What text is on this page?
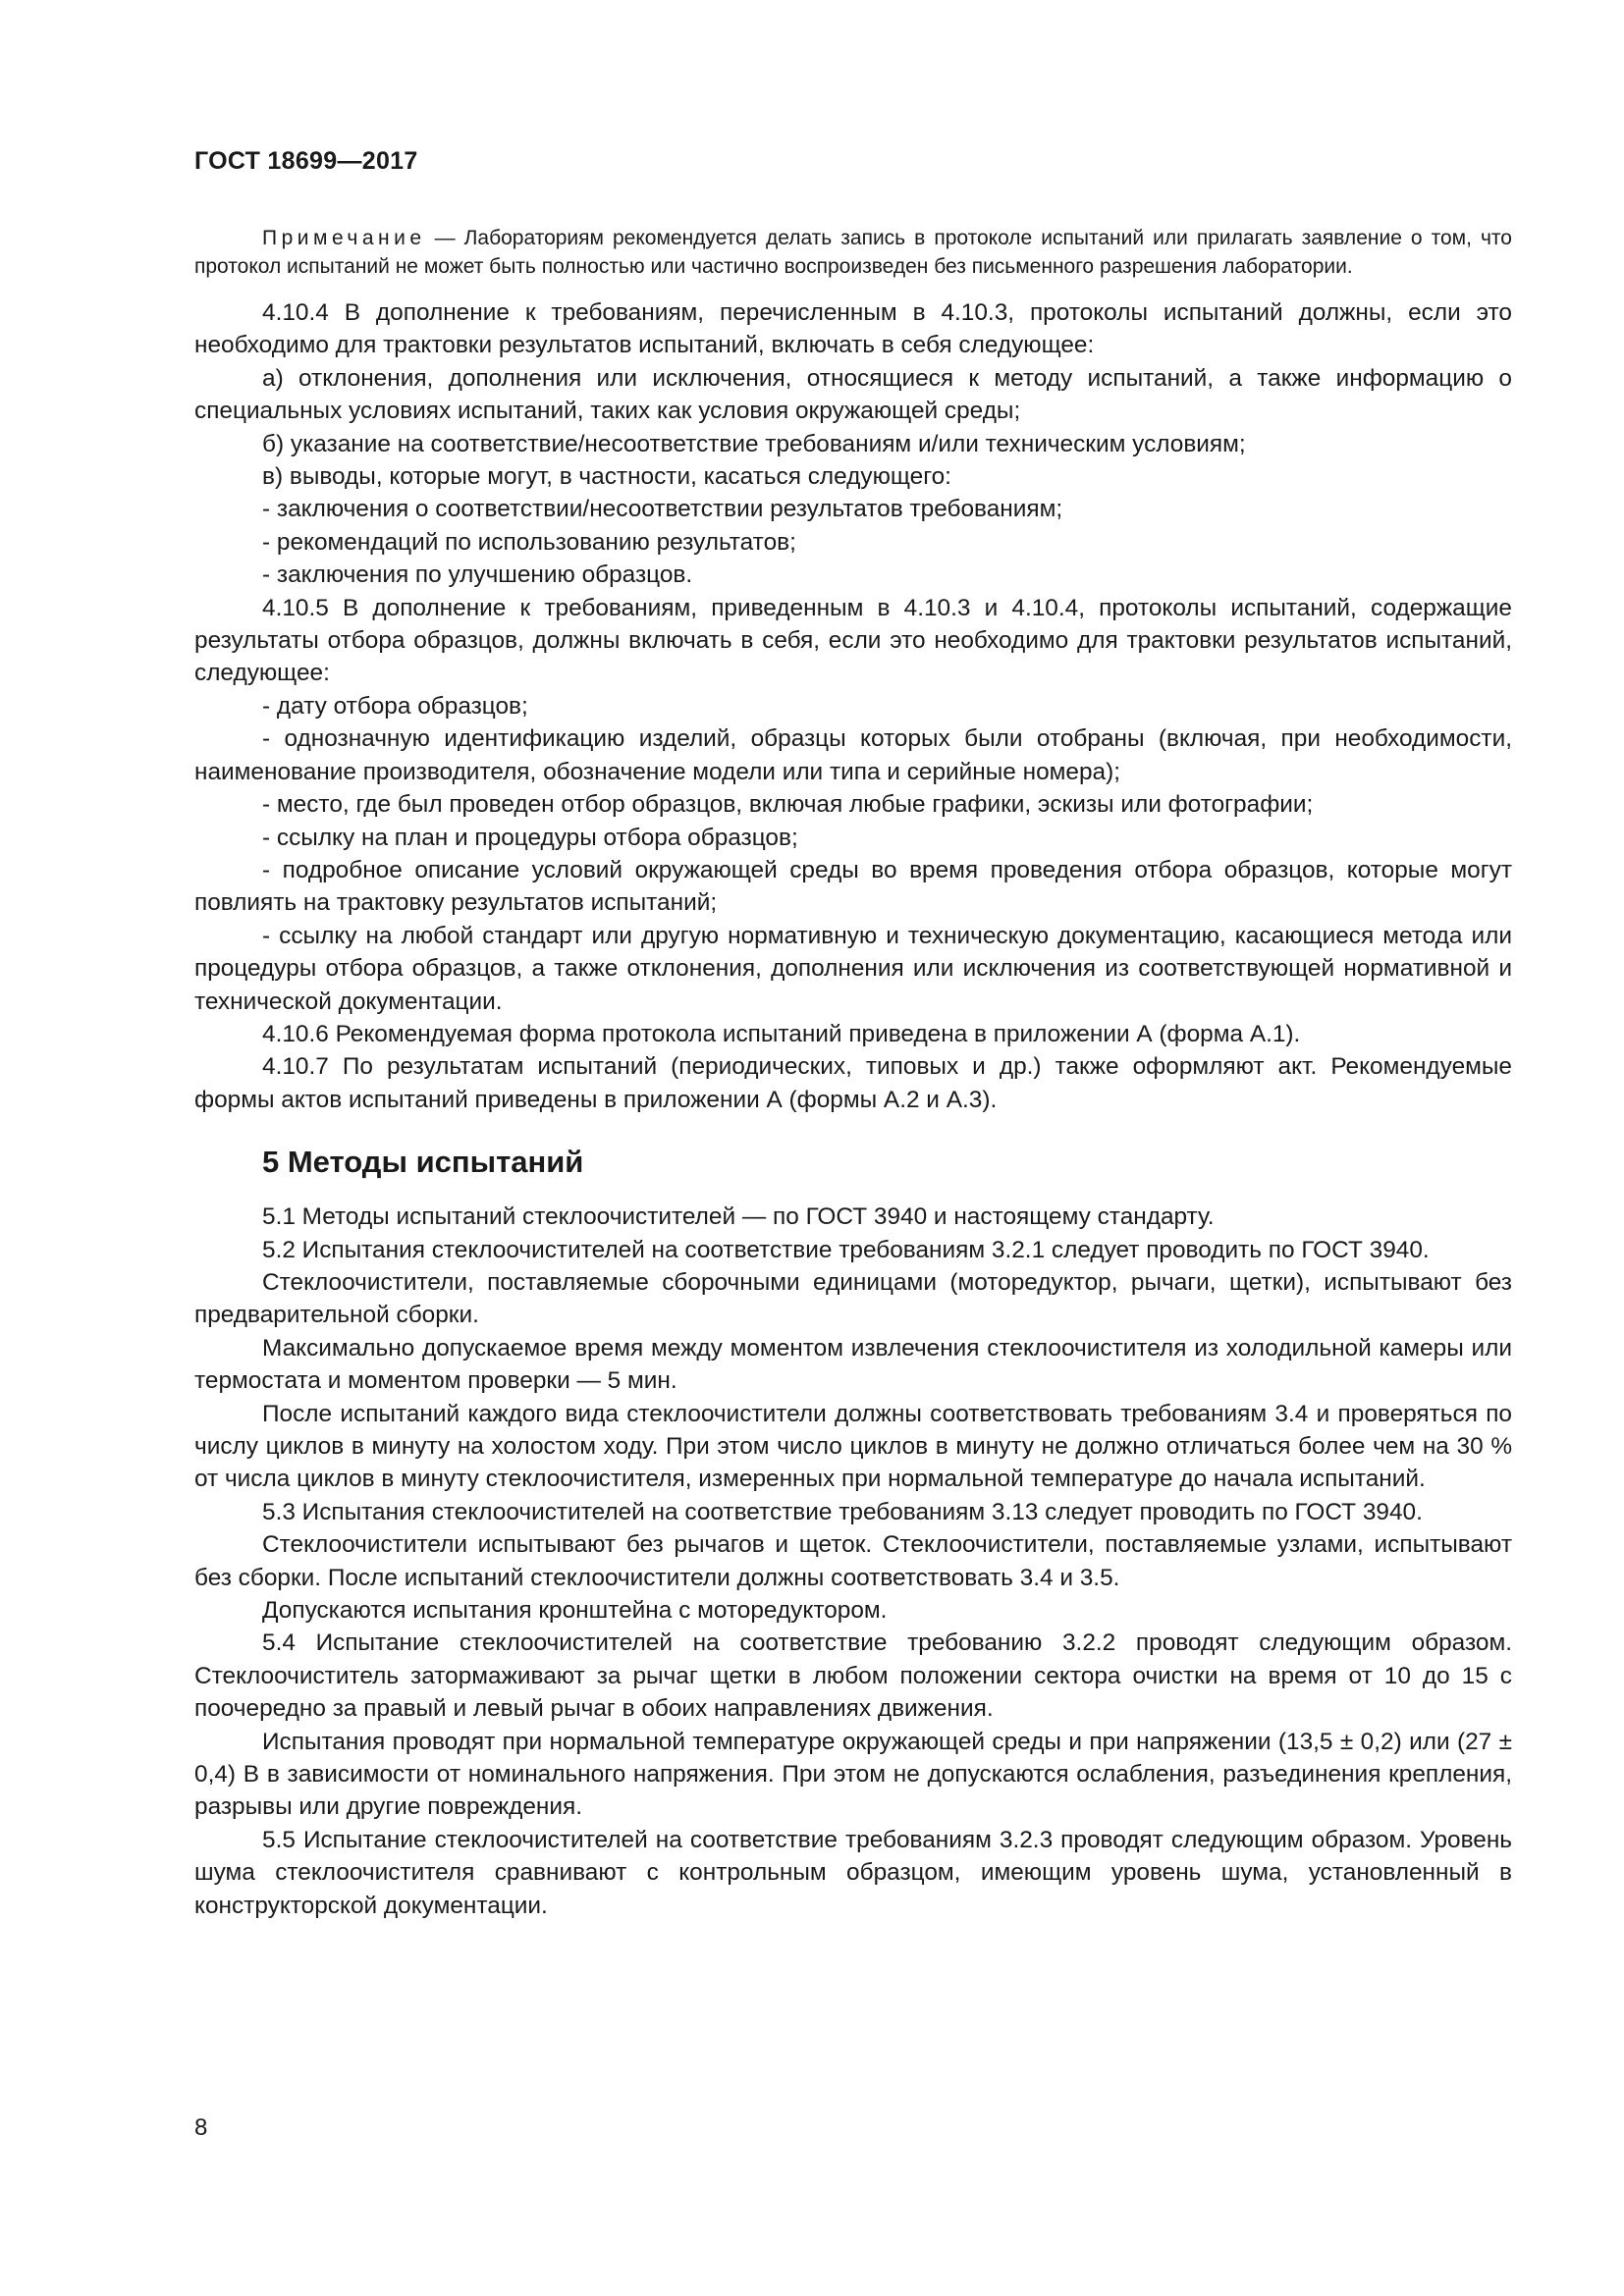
ГОСТ 18699—2017

Примечание — Лабораториям рекомендуется делать запись в протоколе испытаний или прилагать заявление о том, что протокол испытаний не может быть полностью или частично воспроизведен без письменного разрешения лаборатории.

4.10.4 В дополнение к требованиям, перечисленным в 4.10.3, протоколы испытаний должны, если это необходимо для трактовки результатов испытаний, включать в себя следующее:

а) отклонения, дополнения или исключения, относящиеся к методу испытаний, а также информацию о специальных условиях испытаний, таких как условия окружающей среды;

б) указание на соответствие/несоответствие требованиям и/или техническим условиям;

в) выводы, которые могут, в частности, касаться следующего:

- заключения о соответствии/несоответствии результатов требованиям;

- рекомендаций по использованию результатов;

- заключения по улучшению образцов.

4.10.5 В дополнение к требованиям, приведенным в 4.10.3 и 4.10.4, протоколы испытаний, содержащие результаты отбора образцов, должны включать в себя, если это необходимо для трактовки результатов испытаний, следующее:

- дату отбора образцов;

- однозначную идентификацию изделий, образцы которых были отобраны (включая, при необходимости, наименование производителя, обозначение модели или типа и серийные номера);

- место, где был проведен отбор образцов, включая любые графики, эскизы или фотографии;

- ссылку на план и процедуры отбора образцов;

- подробное описание условий окружающей среды во время проведения отбора образцов, которые могут повлиять на трактовку результатов испытаний;

- ссылку на любой стандарт или другую нормативную и техническую документацию, касающиеся метода или процедуры отбора образцов, а также отклонения, дополнения или исключения из соответствующей нормативной и технической документации.

4.10.6 Рекомендуемая форма протокола испытаний приведена в приложении А (форма А.1).

4.10.7 По результатам испытаний (периодических, типовых и др.) также оформляют акт. Рекомендуемые формы актов испытаний приведены в приложении А (формы А.2 и А.3).

5 Методы испытаний

5.1 Методы испытаний стеклоочистителей — по ГОСТ 3940 и настоящему стандарту.

5.2 Испытания стеклоочистителей на соответствие требованиям 3.2.1 следует проводить по ГОСТ 3940.

Стеклоочистители, поставляемые сборочными единицами (моторедуктор, рычаги, щетки), испытывают без предварительной сборки.

Максимально допускаемое время между моментом извлечения стеклоочистителя из холодильной камеры или термостата и моментом проверки — 5 мин.

После испытаний каждого вида стеклоочистители должны соответствовать требованиям 3.4 и проверяться по числу циклов в минуту на холостом ходу. При этом число циклов в минуту не должно отличаться более чем на 30 % от числа циклов в минуту стеклоочистителя, измеренных при нормальной температуре до начала испытаний.

5.3 Испытания стеклоочистителей на соответствие требованиям 3.13 следует проводить по ГОСТ 3940.

Стеклоочистители испытывают без рычагов и щеток. Стеклоочистители, поставляемые узлами, испытывают без сборки. После испытаний стеклоочистители должны соответствовать 3.4 и 3.5.

Допускаются испытания кронштейна с моторедуктором.

5.4 Испытание стеклоочистителей на соответствие требованию 3.2.2 проводят следующим образом. Стеклоочиститель затормаживают за рычаг щетки в любом положении сектора очистки на время от 10 до 15 с поочередно за правый и левый рычаг в обоих направлениях движения.

Испытания проводят при нормальной температуре окружающей среды и при напряжении (13,5 ± 0,2) или (27 ± 0,4) В в зависимости от номинального напряжения. При этом не допускаются ослабления, разъединения крепления, разрывы или другие повреждения.

5.5 Испытание стеклоочистителей на соответствие требованиям 3.2.3 проводят следующим образом. Уровень шума стеклоочистителя сравнивают с контрольным образцом, имеющим уровень шума, установленный в конструкторской документации.

8
